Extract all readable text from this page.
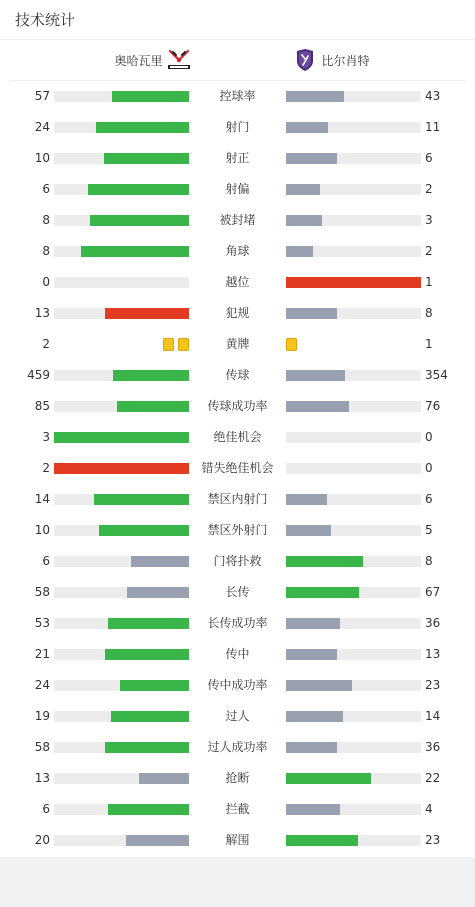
技术统计
奥哈瓦里	比尔肖特
57	控球率	43
24	射门	11
10	射正	6
6	射偏	2
8	被封堵	3
8	角球	2
0	越位	1
13	犯规	8
2	黄牌	1
459	传球	354
85	传球成功率	76
3	绝佳机会	0
2	错失绝佳机会	0
14	禁区内射门	6
10	禁区外射门	5
6	门将扑救	8
58	长传	67
53	长传成功率	36
21	传中	13
24	传中成功率	23
19	过人	14
58	过人成功率	36
13	抢断	22
6	拦截	4
20	解围	23
